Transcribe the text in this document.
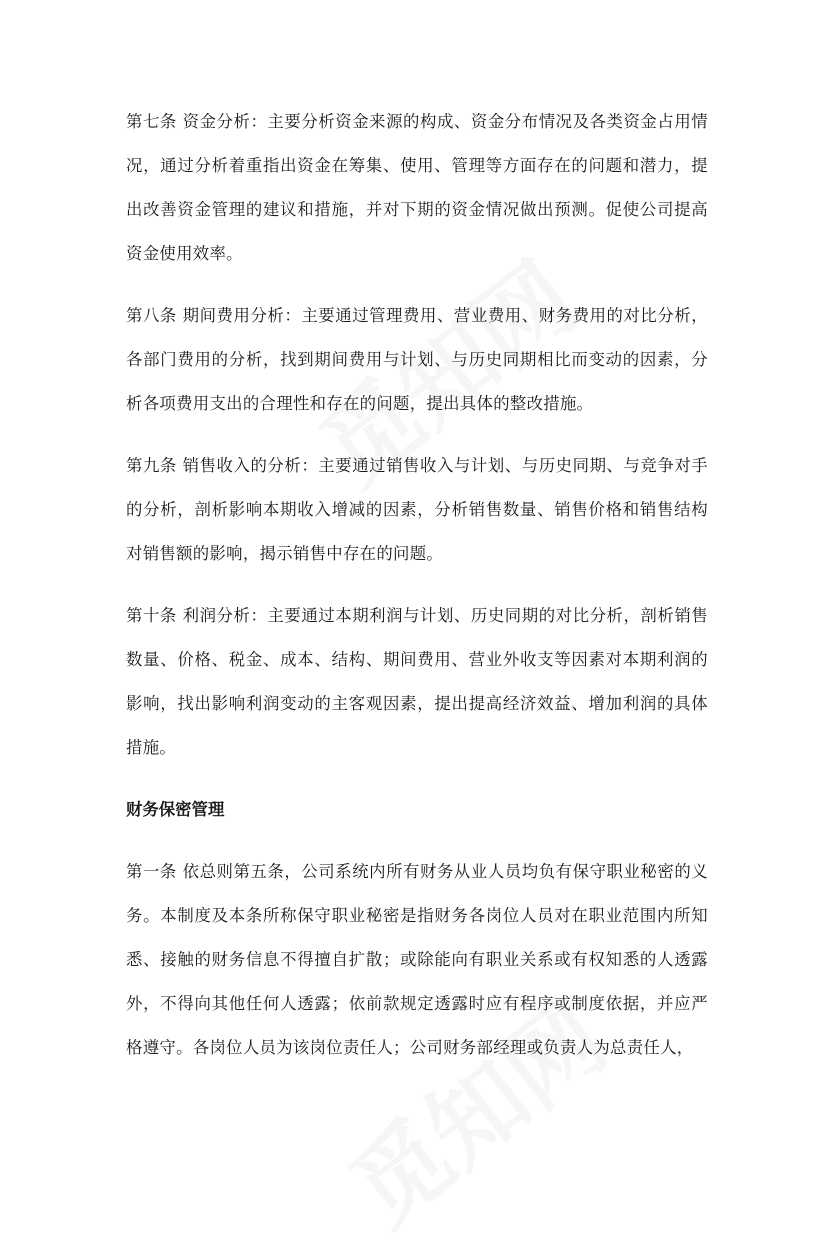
第七条 资金分析：主要分析资金来源的构成、资金分布情况及各类资金占用情况，通过分析着重指出资金在筹集、使用、管理等方面存在的问题和潜力，提出改善资金管理的建议和措施，并对下期的资金情况做出预测。促使公司提高资金使用效率。

第八条 期间费用分析：主要通过管理费用、营业费用、财务费用的对比分析，各部门费用的分析，找到期间费用与计划、与历史同期相比而变动的因素，分析各项费用支出的合理性和存在的问题，提出具体的整改措施。

第九条 销售收入的分析：主要通过销售收入与计划、与历史同期、与竞争对手的分析，剖析影响本期收入增减的因素，分析销售数量、销售价格和销售结构对销售额的影响，揭示销售中存在的问题。

第十条 利润分析：主要通过本期利润与计划、历史同期的对比分析，剖析销售数量、价格、税金、成本、结构、期间费用、营业外收支等因素对本期利润的影响，找出影响利润变动的主客观因素，提出提高经济效益、增加利润的具体措施。

财务保密管理

第一条 依总则第五条，公司系统内所有财务从业人员均负有保守职业秘密的义务。本制度及本条所称保守职业秘密是指财务各岗位人员对在职业范围内所知悉、接触的财务信息不得擅自扩散；或除能向有职业关系或有权知悉的人透露外，不得向其他任何人透露；依前款规定透露时应有程序或制度依据，并应严格遵守。各岗位人员为该岗位责任人；公司财务部经理或负责人为总责任人，
